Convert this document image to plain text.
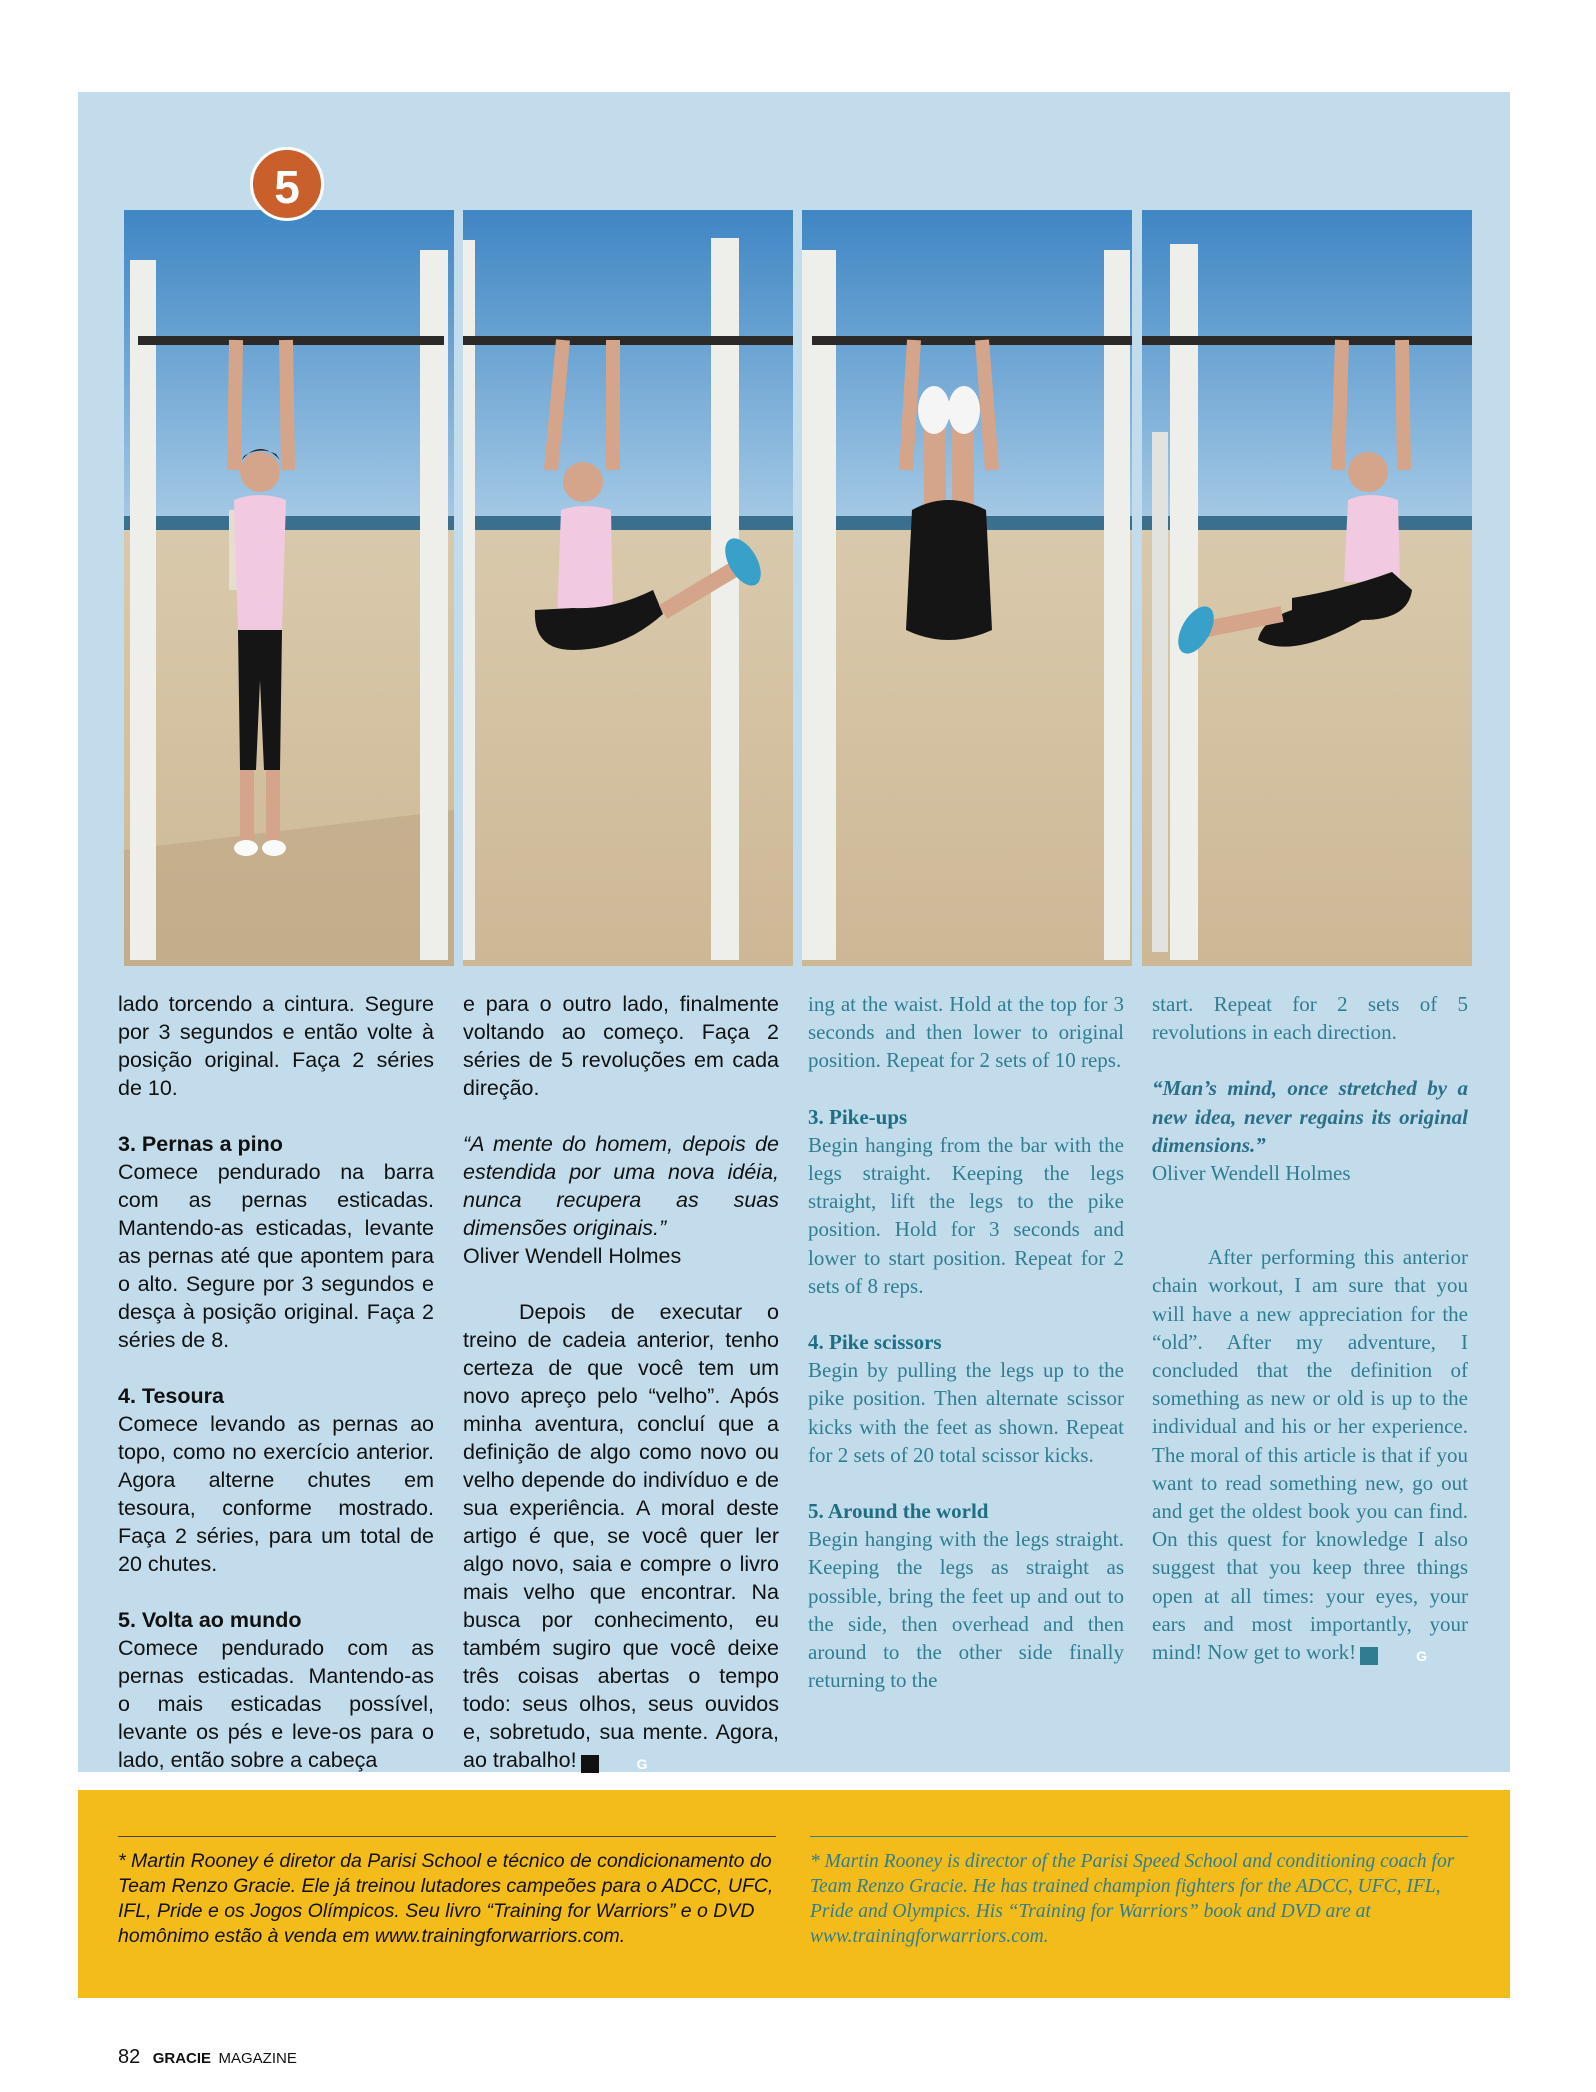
lado torcendo a cintura. Segure por 3 segundos e então volte à posição original. Faça 2 séries de 10.

3. Pernas a pino

Comece pendurado na barra com as pernas esticadas. Mantendo-as esticadas, levante as pernas até que apontem para o alto. Segure por 3 segundos e desça à posição original. Faça 2 séries de 8.

4. Tesoura

Comece levando as pernas ao topo, como no exercício anterior. Agora alterne chutes em tesoura, conforme mostrado. Faça 2 séries, para um total de 20 chutes.

5. Volta ao mundo

Comece pendurado com as pernas esticadas. Mantendo-as o mais esticadas possível, levante os pés e leve-os para o lado, então sobre a cabeça

e para o outro lado, finalmente voltando ao começo. Faça 2 séries de 5 revoluções em cada direção.

“A mente do homem, depois de estendida por uma nova idéia, nunca recupera as suas dimensões originais.”

Oliver Wendell Holmes

Depois de executar o treino de cadeia anterior, tenho certeza de que você tem um novo apreço pelo “velho”. Após minha aventura, concluí que a definição de algo como novo ou velho depende do indivíduo e de sua experiência. A moral deste artigo é que, se você quer ler algo novo, saia e compre o livro mais velho que encontrar. Na busca por conhecimento, eu também sugiro que você deixe três coisas abertas o tempo todo: seus olhos, seus ouvidos e, sobretudo, sua mente. Agora, ao trabalho!	G

ing at the waist. Hold at the top for 3 seconds and then lower to original position. Repeat for 2 sets of 10 reps.

3. Pike-ups

Begin hanging from the bar with the legs straight. Keeping the legs straight, lift the legs to the pike position. Hold for 3 seconds and lower to start position. Repeat for 2 sets of 8 reps.

4. Pike scissors

Begin by pulling the legs up to the pike position. Then alternate scissor kicks with the feet as shown. Repeat for 2 sets of 20 total scissor kicks.

5. Around the world

Begin hanging with the legs straight. Keeping the legs as straight as possible, bring the feet up and out to the side, then overhead and then around to the other side finally returning to the

start. Repeat for 2 sets of 5 revolutions in each direction.

“Man’s mind, once stretched by a new idea, never regains its original dimensions.”

Oliver Wendell Holmes

After performing this anterior chain workout, I am sure that you will have a new appreciation for the “old”. After my adventure, I concluded that the definition of something as new or old is up to the individual and his or her experience. The moral of this article is that if you want to read something new, go out and get the oldest book you can find. On this quest for knowledge I also suggest that you keep three things open at all times: your eyes, your ears and most importantly, your mind! Now get to work!	G

5
* Martin Rooney é diretor da Parisi School e técnico de condicionamento do Team Renzo Gracie. Ele já treinou lutadores campeões para o ADCC, UFC, IFL, Pride e os Jogos Olímpicos. Seu livro “Training for Warriors” e o DVD homônimo estão à venda em www.trainingforwarriors.com.
* Martin Rooney is director of the Parisi Speed School and conditioning coach for Team Renzo Gracie. He has trained champion fighters for the ADCC, UFC, IFL, Pride and Olympics. His “Training for Warriors” book and DVD are at www.trainingforwarriors.com.
82 GRACIE MAGAZINE
